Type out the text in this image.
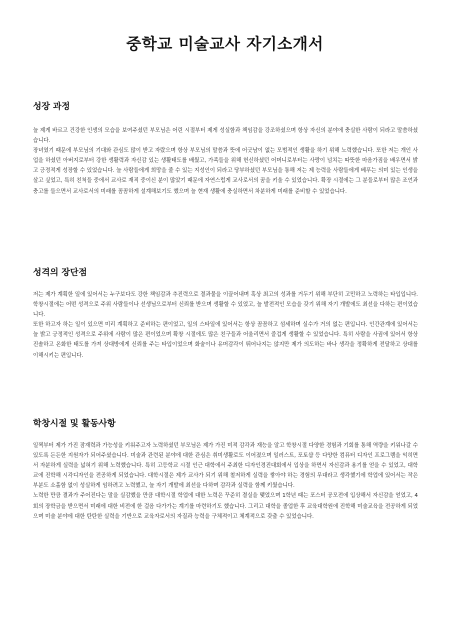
중학교 미술교사 자기소개서
성장 과정

늘 제게 바르고 건강한 인생의 모습을 보여주셨던 부모님은 어린 시절부터 제게 성실함과 책임감을 강조하셨으며 항상 자신의 분야에 충실한 사람이 되라고 말씀하셨습니다.

장녀였기 때문에 부모님의 기대와 관심도 많이 받고 자랐으며 항상 부모님의 말씀과 뜻에 어긋남이 없는 모범적인 생활을 하기 위해 노력했습니다. 또한 저는 개인 사업을 하셨던 아버지로부터 강한 생활력과 자신감 있는 생활태도를 배웠고, 가족들을 위해 헌신하셨던 어머니로부터는 사랑이 넘치는 따뜻한 마음가짐을 배우면서 밝고 긍정적게 성장할 수 있었습니다. 늘 사람들에게 희망을 줄 수 있는 지성인이 되라고 당부하셨던 부모님을 통해 저는 제 능력을 사람들에게 베푸는 의미 있는 인생을 살고 싶었고, 특히 친척들 중에서 교사로 재직 중이신 분이 많았기 때문에 자연스럽게 교사로서의 꿈을 키울 수 있었습니다. 확장 시절에는 그 분들로부터 많은 조언과 충고를 들으면서 교사로서의 미래를 꼼꼼하게 설계해보기도 했으며 늘 현재 생활에 충실하면서 차분하게 미래를 준비할 수 있었습니다.

성격의 장단점

저는 제가 계획한 일에 있어서는 누구보다도 강한 책임감과 추진력으로 결과물을 이끌어내며 혹상 최고의 성과를 거두기 위해 부단히 고민하고 노력하는 타입입니다. 학창시절에는 어떤 성격으로 주위 사람들이나 선생님으로부터 신뢰를 받으며 생활할 수 있었고, 늘 발전적인 모습을 갖기 위해 자기 개발에도 최선을 다하는 편이었습니다.

또한 하고자 하는 일이 있으면 미리 계획하고 준비하는 편이었고, 일의 스타일에 있어서는 항상 꼼꼼하고 섬세하며 실수가 거의 없는 편입니다. 인간관계에 있어서는 늘 밝고 긍정적인 성격으로 주위에 사람이 많은 편이었으며 확창 시절에도 많은 친구들과 어울리면서 즐겁게 생활할 수 있었습니다. 특히 사람을 사귐에 있어서 항상 진솔하고 온화한 태도를 가져 상대방에게 신뢰를 주는 타입이었으며 화술이나 유머감각이 뛰어나지는 않지만 제가 의도하는 바나 생각을 정확하게 전달하고 상대를 이해시키는 편입니다.

학창시절 및 활동사항

일찍부터 제가 가진 잠재력과 가능성을 키워주고자 노력하셨던 부모님은 제가 가진 미적 감각과 재능을 알고 학창시절 다양한 경험과 기회를 통해 역량을 키워나갈 수 있도록 든든한 지원자가 되어주셨습니다. 미술과 관련된 분야에 대한 관심은 취미생활로도 이어졌으며 일러스트, 포토샵 등 다양한 컴퓨터 디자인 프로그램을 익히면서 자분하게 실력을 넓혀기 위해 노력했습니다. 특히 고등학교 시절 인근 대학에서 주최한 디자인경진대회에서 입상을 하면서 자신감과 용기를 얻을 수 있었고, 대학교에 진학해 시각디자인을 전공하게 되었습니다. 대학시절은 제가 교사가 되기 위해 철저하게 실력을 쌓아야 하는 경험의 무대라고 생각했기에 학업에 있어서는 작은 부분도 소홀함 없이 성실하게 임하려고 노력했고, 늘 자기 개발에 최선을 다하며 감각과 실력을 함께 키웠습니다.

노력한 만큼 결과가 주어진다는 말을 실감했을 만큼 대학시절 학업에 대한 노력은 꾸준히 결실을 맺었으며 1학년 때는 포스터 공모전에 입상해서 자신감을 얻었고, 4회의 장학금을 받으면서 미래에 대한 비전에 한 걸음 다가가는 계기를 마련하기도 했습니다. 그리고 대학을 졸업한 후 교육대학원에 진학해 미술교육을 전공하게 되었으며 미술 분야에 대한 탄탄한 실력을 기반으로 교육자로서의 자질과 능력을 구체적이고 체계적으로 갖출 수 있었습니다.
